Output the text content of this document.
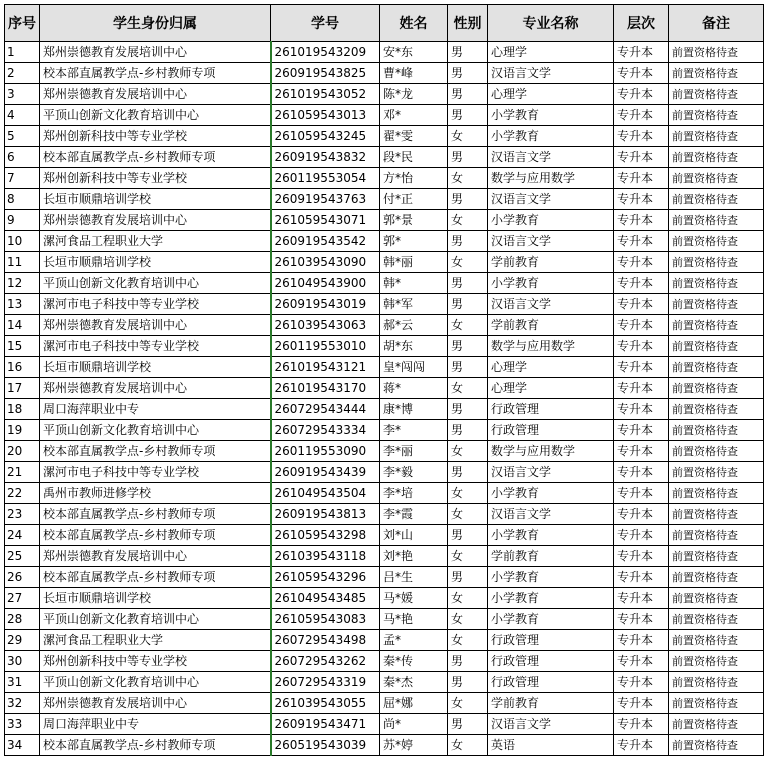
序号	学生身份归属	学号	姓名	性别	专业名称	层次	备注
1	郑州崇德教育发展培训中心	261019543209	安*东	男	心理学	专升本	前置资格待查
2	校本部直属教学点-乡村教师专项	260919543825	曹*峰	男	汉语言文学	专升本	前置资格待查
3	郑州崇德教育发展培训中心	261019543052	陈*龙	男	心理学	专升本	前置资格待查
4	平顶山创新文化教育培训中心	261059543013	邓*	男	小学教育	专升本	前置资格待查
5	郑州创新科技中等专业学校	261059543245	翟*雯	女	小学教育	专升本	前置资格待查
6	校本部直属教学点-乡村教师专项	260919543832	段*民	男	汉语言文学	专升本	前置资格待查
7	郑州创新科技中等专业学校	260119553054	方*怡	女	数学与应用数学	专升本	前置资格待查
8	长垣市顺鼎培训学校	260919543763	付*正	男	汉语言文学	专升本	前置资格待查
9	郑州崇德教育发展培训中心	261059543071	郭*景	女	小学教育	专升本	前置资格待查
10	漯河食品工程职业大学	260919543542	郭*	男	汉语言文学	专升本	前置资格待查
11	长垣市顺鼎培训学校	261039543090	韩*丽	女	学前教育	专升本	前置资格待查
12	平顶山创新文化教育培训中心	261049543900	韩*	男	小学教育	专升本	前置资格待查
13	漯河市电子科技中等专业学校	260919543019	韩*军	男	汉语言文学	专升本	前置资格待查
14	郑州崇德教育发展培训中心	261039543063	郝*云	女	学前教育	专升本	前置资格待查
15	漯河市电子科技中等专业学校	260119553010	胡*东	男	数学与应用数学	专升本	前置资格待查
16	长垣市顺鼎培训学校	261019543121	皇*闯闯	男	心理学	专升本	前置资格待查
17	郑州崇德教育发展培训中心	261019543170	蒋*	女	心理学	专升本	前置资格待查
18	周口海萍职业中专	260729543444	康*博	男	行政管理	专升本	前置资格待查
19	平顶山创新文化教育培训中心	260729543334	李*	男	行政管理	专升本	前置资格待查
20	校本部直属教学点-乡村教师专项	260119553090	李*丽	女	数学与应用数学	专升本	前置资格待查
21	漯河市电子科技中等专业学校	260919543439	李*毅	男	汉语言文学	专升本	前置资格待查
22	禹州市教师进修学校	261049543504	李*培	女	小学教育	专升本	前置资格待查
23	校本部直属教学点-乡村教师专项	260919543813	李*霞	女	汉语言文学	专升本	前置资格待查
24	校本部直属教学点-乡村教师专项	261059543298	刘*山	男	小学教育	专升本	前置资格待查
25	郑州崇德教育发展培训中心	261039543118	刘*艳	女	学前教育	专升本	前置资格待查
26	校本部直属教学点-乡村教师专项	261059543296	吕*生	男	小学教育	专升本	前置资格待查
27	长垣市顺鼎培训学校	261049543485	马*媛	女	小学教育	专升本	前置资格待查
28	平顶山创新文化教育培训中心	261059543083	马*艳	女	小学教育	专升本	前置资格待查
29	漯河食品工程职业大学	260729543498	孟*	女	行政管理	专升本	前置资格待查
30	郑州创新科技中等专业学校	260729543262	秦*传	男	行政管理	专升本	前置资格待查
31	平顶山创新文化教育培训中心	260729543319	秦*杰	男	行政管理	专升本	前置资格待查
32	郑州崇德教育发展培训中心	261039543055	屈*娜	女	学前教育	专升本	前置资格待查
33	周口海萍职业中专	260919543471	尚*	男	汉语言文学	专升本	前置资格待查
34	校本部直属教学点-乡村教师专项	260519543039	苏*婷	女	英语	专升本	前置资格待查
